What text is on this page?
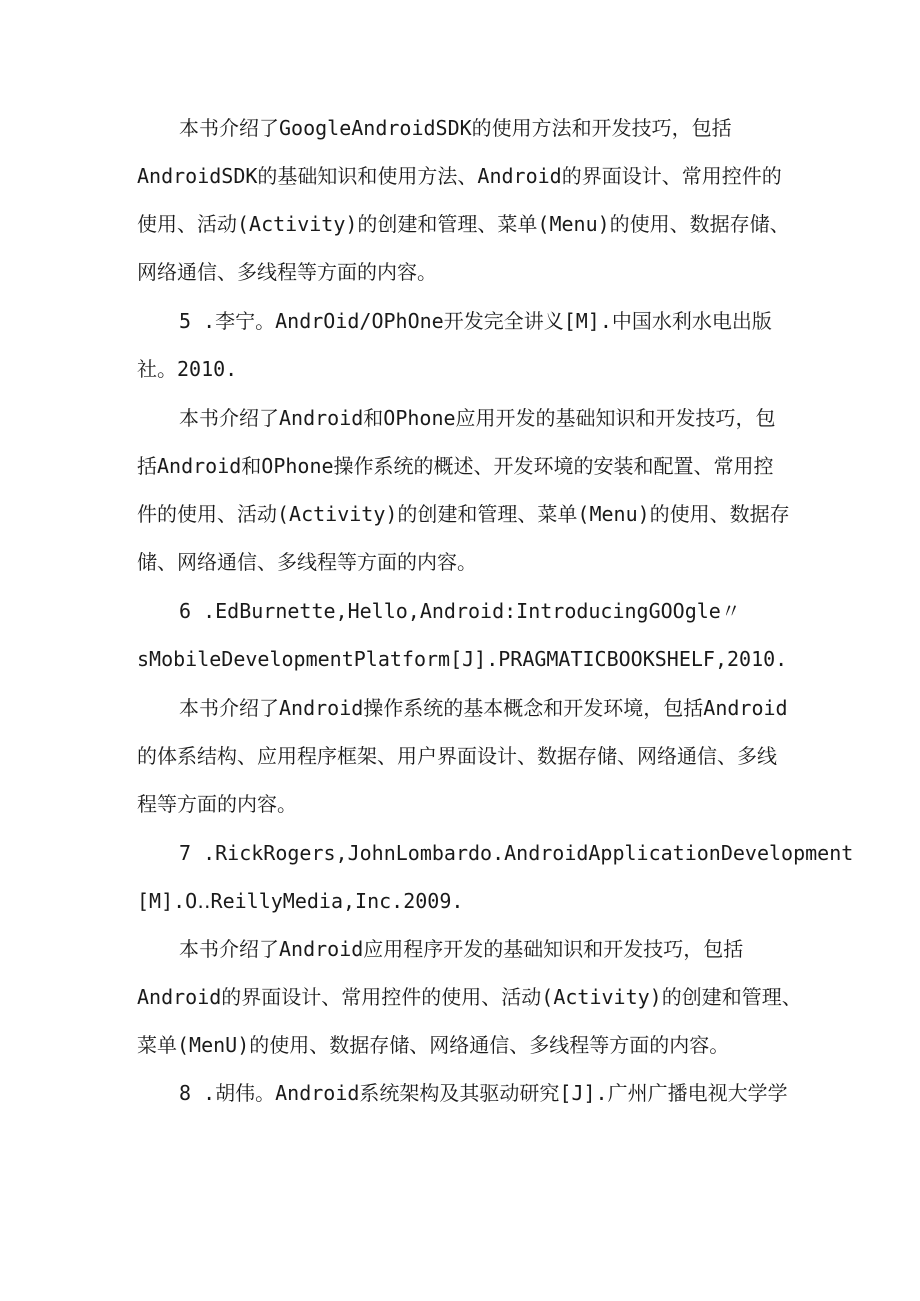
本书介绍了GoogleAndroidSDK的使用方法和开发技巧，包括
AndroidSDK的基础知识和使用方法、Android的界面设计、常用控件的
使用、活动(Activity)的创建和管理、菜单(Menu)的使用、数据存储、
网络通信、多线程等方面的内容。
5 .李宁。AndrOid/OPhOne开发完全讲义[M].中国水利水电出版
社。2010.
本书介绍了Android和OPhone应用开发的基础知识和开发技巧，包
括Android和OPhone操作系统的概述、开发环境的安装和配置、常用控
件的使用、活动(Activity)的创建和管理、菜单(Menu)的使用、数据存
储、网络通信、多线程等方面的内容。
6 .EdBurnette,Hello,Android:IntroducingGOOgle〃
sMobileDevelopmentPlatform[J].PRAGMATICBOOKSHELF,2010.
本书介绍了Android操作系统的基本概念和开发环境，包括Android
的体系结构、应用程序框架、用户界面设计、数据存储、网络通信、多线
程等方面的内容。
7 .RickRogers,JohnLombardo.AndroidApplicationDevelopment
[M].O‥ReillyMedia,Inc.2009.
本书介绍了Android应用程序开发的基础知识和开发技巧，包括
Android的界面设计、常用控件的使用、活动(Activity)的创建和管理、
菜单(MenU)的使用、数据存储、网络通信、多线程等方面的内容。
8 .胡伟。Android系统架构及其驱动研究[J].广州广播电视大学学
